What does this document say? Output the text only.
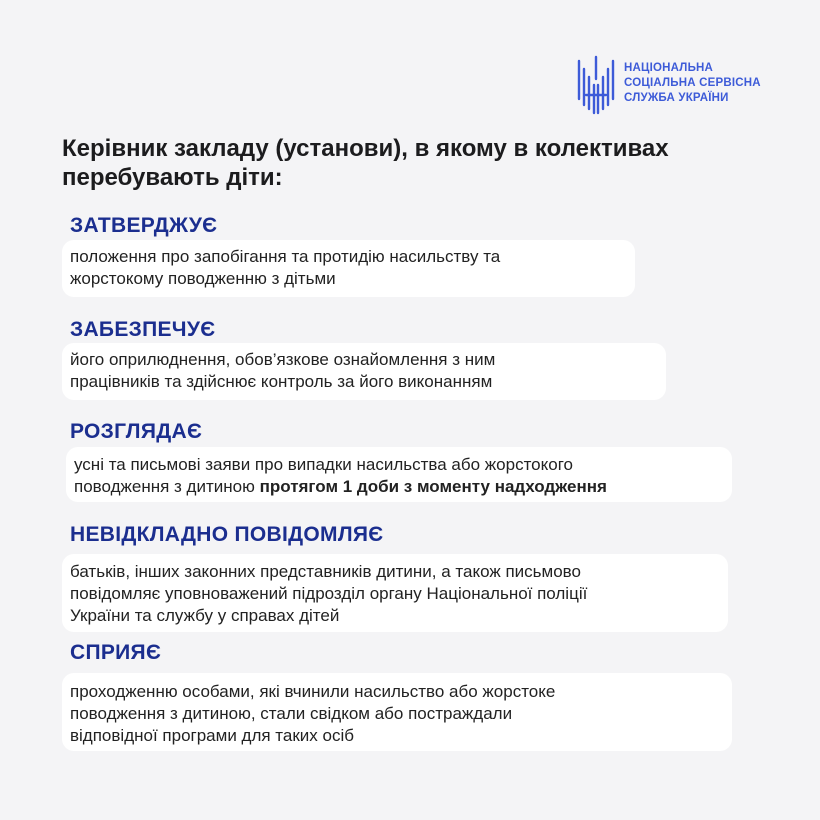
НАЦІОНАЛЬНА
СОЦІАЛЬНА СЕРВІСНА
СЛУЖБА УКРАЇНИ
Керівник закладу (установи), в якому в колективах перебувають діти:
ЗАТВЕРДЖУЄ
положення про запобігання та протидію насильству та
жорстокому поводженню з дітьми
ЗАБЕЗПЕЧУЄ
його оприлюднення, обов’язкове ознайомлення з ним
працівників та здійснює контроль за його виконанням
РОЗГЛЯДАЄ
усні та письмові заяви про випадки насильства або жорстокого
поводження з дитиною протягом 1 доби з моменту надходження
НЕВІДКЛАДНО ПОВІДОМЛЯЄ
батьків, інших законних представників дитини, а також письмово
повідомляє уповноважений підрозділ органу Національної поліції
України та службу у справах дітей
СПРИЯЄ
проходженню особами, які вчинили насильство або жорстоке
поводження з дитиною, стали свідком або постраждали
відповідної програми для таких осіб
